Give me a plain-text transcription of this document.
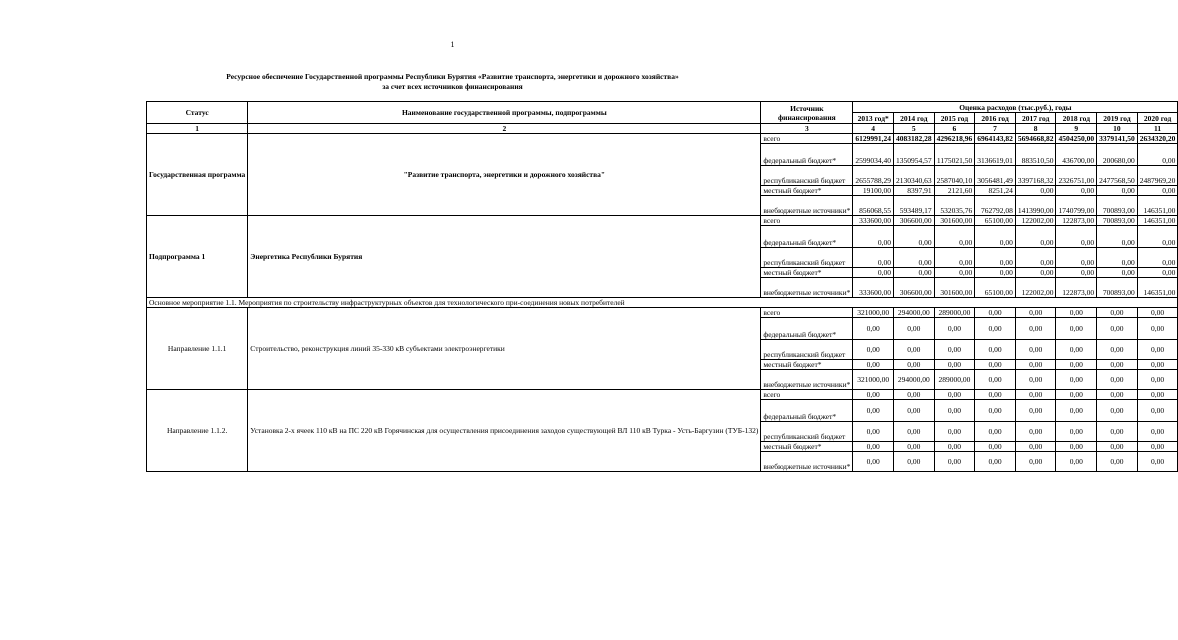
1
Ресурсное обеспечение Государственной программы Республики Бурятия «Развитие транспорта, энергетики и дорожного хозяйства»
за счет всех источников финансирования
Статус	Наименование государственной программы, подпрограммы	Источник финансирования	Оценка расходов (тыс.руб.), годы							
			2013 год*	2014 год	2015 год	2016 год	2017 год	2018 год	2019 год	2020 год
1	2	3	4	5	6	7	8	9	10	11
Государственная программа	"Развитие транспорта, энергетики и дорожного хозяйства"	всего	6129991,24	4083182,28	4296218,96	6964143,82	5694668,82	4504250,00	3379141,50	2634320,20
		федеральный бюджет*	2599034,40	1350954,57	1175021,50	3136619,01	883510,50	436700,00	200680,00	0,00
		республиканский бюджет	2655788,29	2130340,63	2587040,10	3056481,49	3397168,32	2326751,00	2477568,50	2487969,20
		местный бюджет*	19100,00	8397,91	2121,60	8251,24	0,00	0,00	0,00	0,00
		внебюджетные источники*	856068,55	593489,17	532035,76	762792,08	1413990,00	1740799,00	700893,00	146351,00
Подпрограмма 1	Энергетика Республики Бурятия	всего	333600,00	306600,00	301600,00	65100,00	122002,00	122873,00	700893,00	146351,00
		федеральный бюджет*	0,00	0,00	0,00	0,00	0,00	0,00	0,00	0,00
		республиканский бюджет	0,00	0,00	0,00	0,00	0,00	0,00	0,00	0,00
		местный бюджет*	0,00	0,00	0,00	0,00	0,00	0,00	0,00	0,00
		внебюджетные источники*	333600,00	306600,00	301600,00	65100,00	122002,00	122873,00	700893,00	146351,00
Основное мероприятие 1.1. Мероприятия по строительству инфраструктурных объектов для технологического при-соединения новых потребителей										
Направление 1.1.1	Строительство, реконструкция линий 35-330 кВ субъектами электроэнергетики	всего	321000,00	294000,00	289000,00	0,00	0,00	0,00	0,00	0,00
		федеральный бюджет*	0,00	0,00	0,00	0,00	0,00	0,00	0,00	0,00
		республиканский бюджет	0,00	0,00	0,00	0,00	0,00	0,00	0,00	0,00
		местный бюджет*	0,00	0,00	0,00	0,00	0,00	0,00	0,00	0,00
		внебюджетные источники*	321000,00	294000,00	289000,00	0,00	0,00	0,00	0,00	0,00
Направление 1.1.2.	Установка 2-х ячеек 110 кВ на ПС 220 кВ Горячинская для осуществления присоединения заходов существующей ВЛ 110 кВ Турка - Усть-Баргузин (ТУБ-132)	всего	0,00	0,00	0,00	0,00	0,00	0,00	0,00	0,00
		федеральный бюджет*	0,00	0,00	0,00	0,00	0,00	0,00	0,00	0,00
		республиканский бюджет	0,00	0,00	0,00	0,00	0,00	0,00	0,00	0,00
		местный бюджет*	0,00	0,00	0,00	0,00	0,00	0,00	0,00	0,00
		внебюджетные источники*	0,00	0,00	0,00	0,00	0,00	0,00	0,00	0,00
